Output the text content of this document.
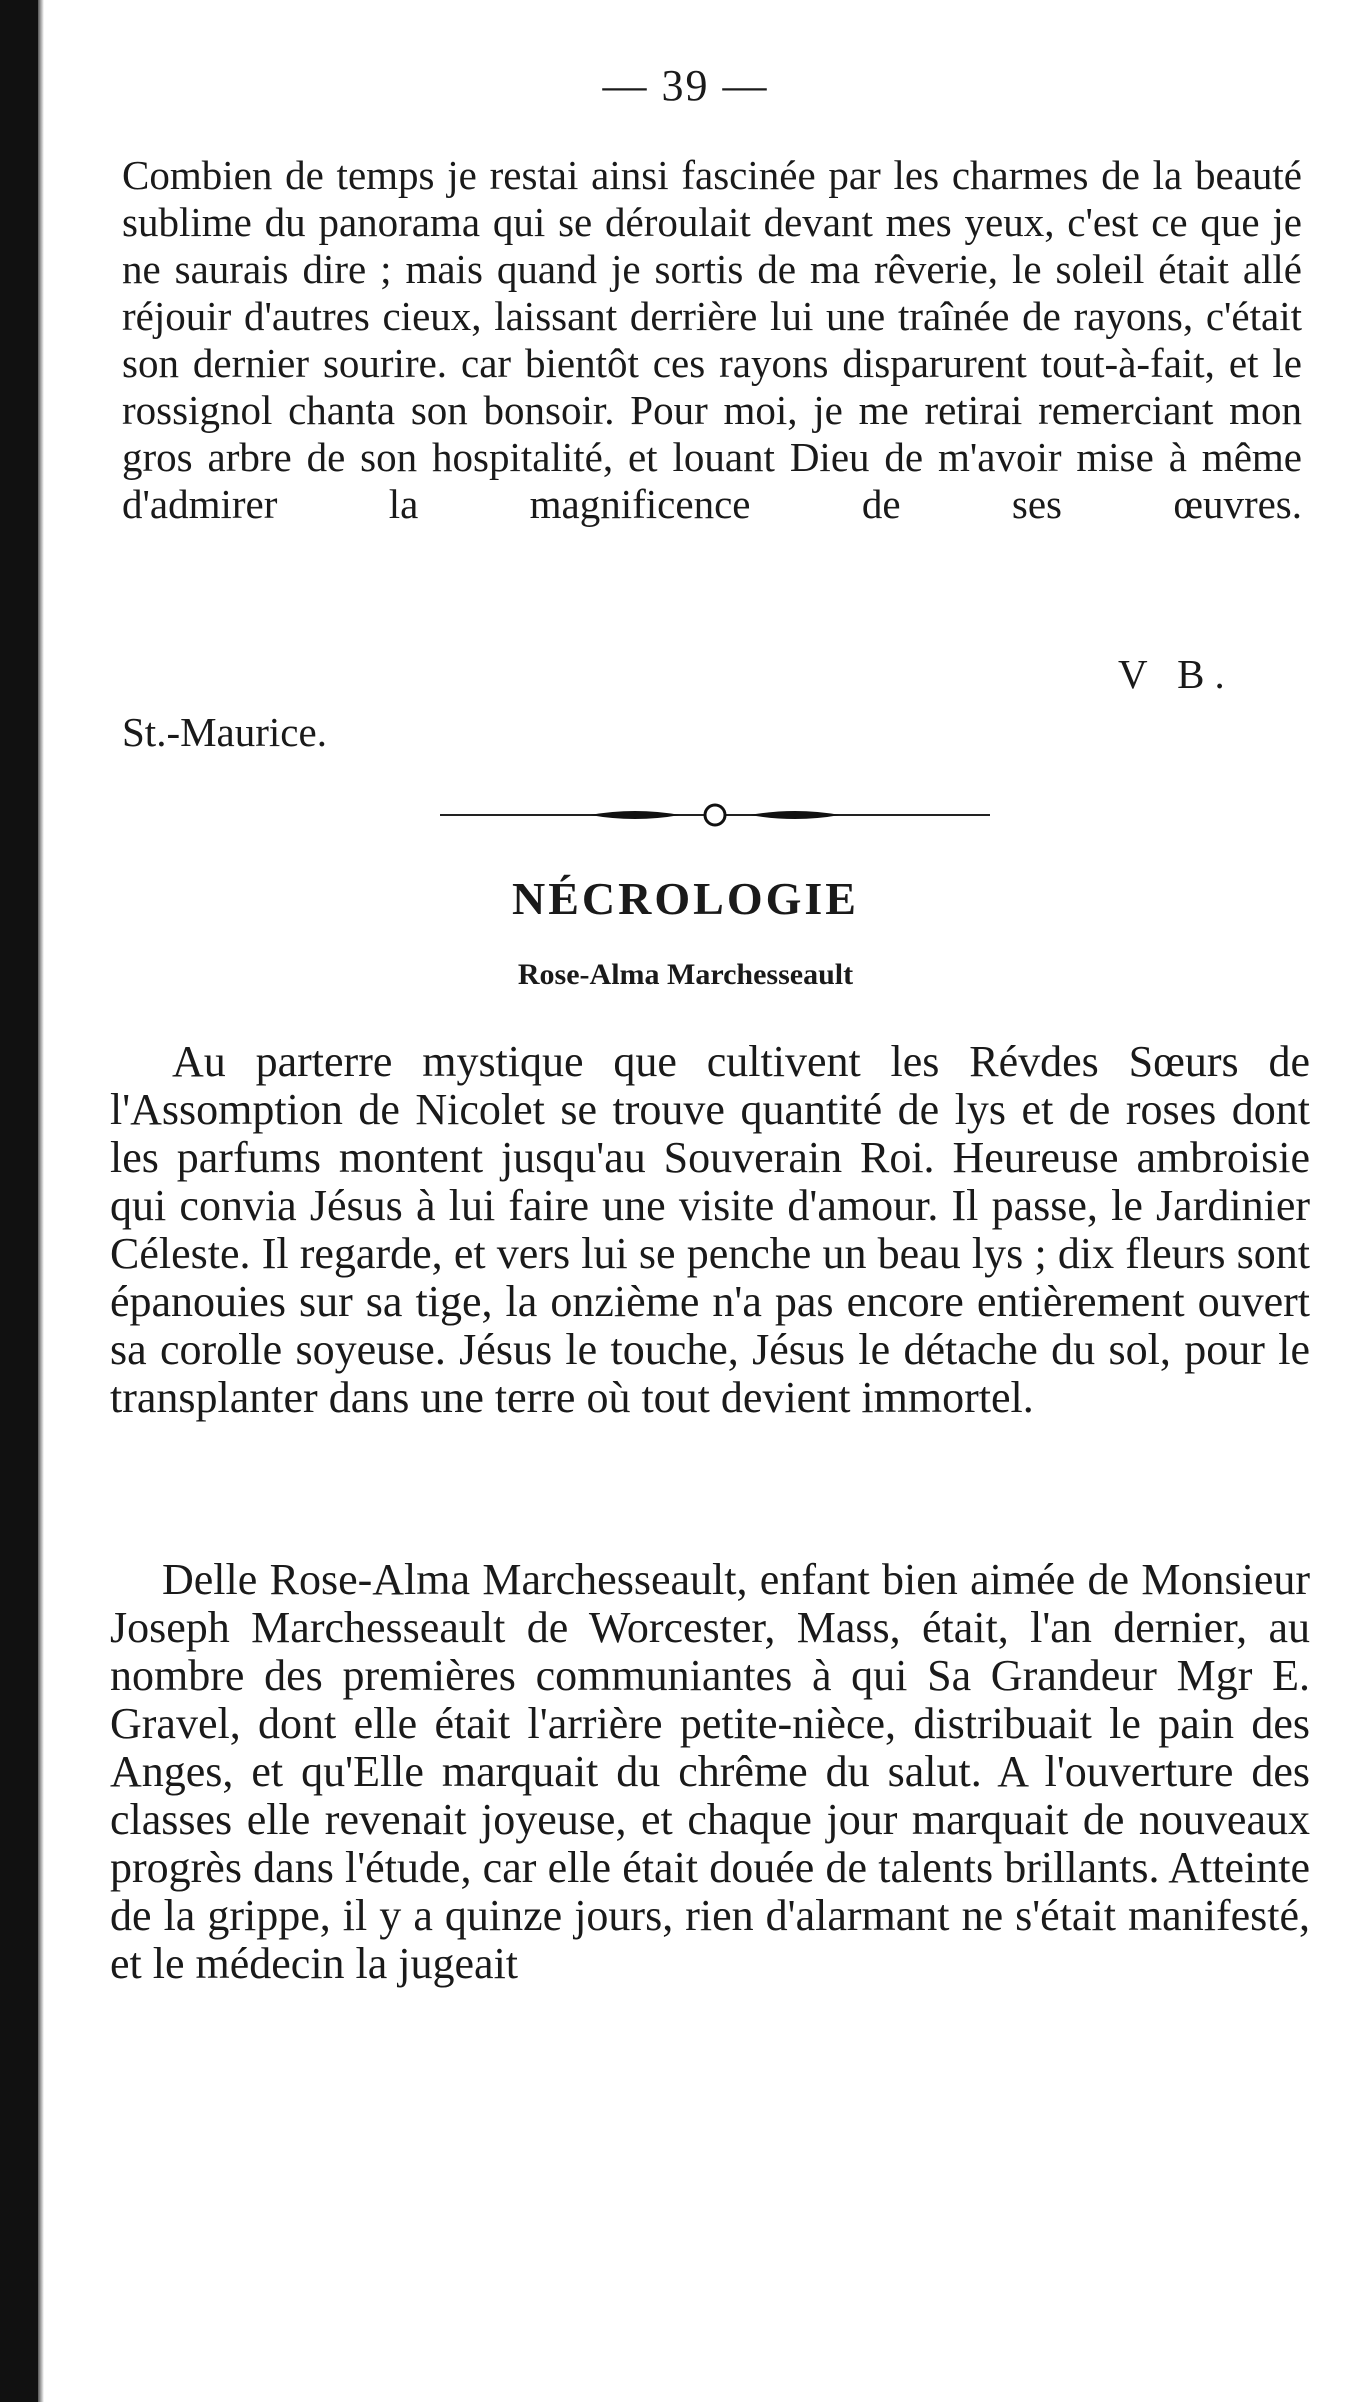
— 39 —

Combien de temps je restai ainsi fascinée par les charmes de la beauté sublime du panorama qui se déroulait devant mes yeux, c'est ce que je ne saurais dire ; mais quand je sortis de ma rêverie, le soleil était allé réjouir d'autres cieux, laissant derrière lui une traînée de rayons, c'était son dernier sourire. car bientôt ces rayons disparurent tout-à-fait, et le rossignol chanta son bonsoir. Pour moi, je me retirai remerciant mon gros arbre de son hospitalité, et louant Dieu de m'avoir mise à même d'admirer la magnificence de ses œuvres.

V B.
St.-Maurice.
NÉCROLOGIE
Rose-Alma Marchesseault

Au parterre mystique que cultivent les Révdes Sœurs de l'Assomption de Nicolet se trouve quantité de lys et de roses dont les parfums montent jusqu'au Souverain Roi. Heureuse ambroisie qui convia Jésus à lui faire une visite d'amour. Il passe, le Jardinier Céleste. Il regarde, et vers lui se penche un beau lys ; dix fleurs sont épanouies sur sa tige, la onzième n'a pas encore entièrement ouvert sa corolle soyeuse. Jésus le touche, Jésus le détache du sol, pour le transplanter dans une terre où tout devient immortel.

Delle Rose-Alma Marchesseault, enfant bien aimée de Monsieur Joseph Marchesseault de Worcester, Mass, était, l'an dernier, au nombre des premières communiantes à qui Sa Grandeur Mgr E. Gravel, dont elle était l'arrière petite-nièce, distribuait le pain des Anges, et qu'Elle marquait du chrême du salut. A l'ouverture des classes elle revenait joyeuse, et chaque jour marquait de nouveaux progrès dans l'étude, car elle était douée de talents brillants. Atteinte de la grippe, il y a quinze jours, rien d'alarmant ne s'était manifesté, et le médecin la jugeait
